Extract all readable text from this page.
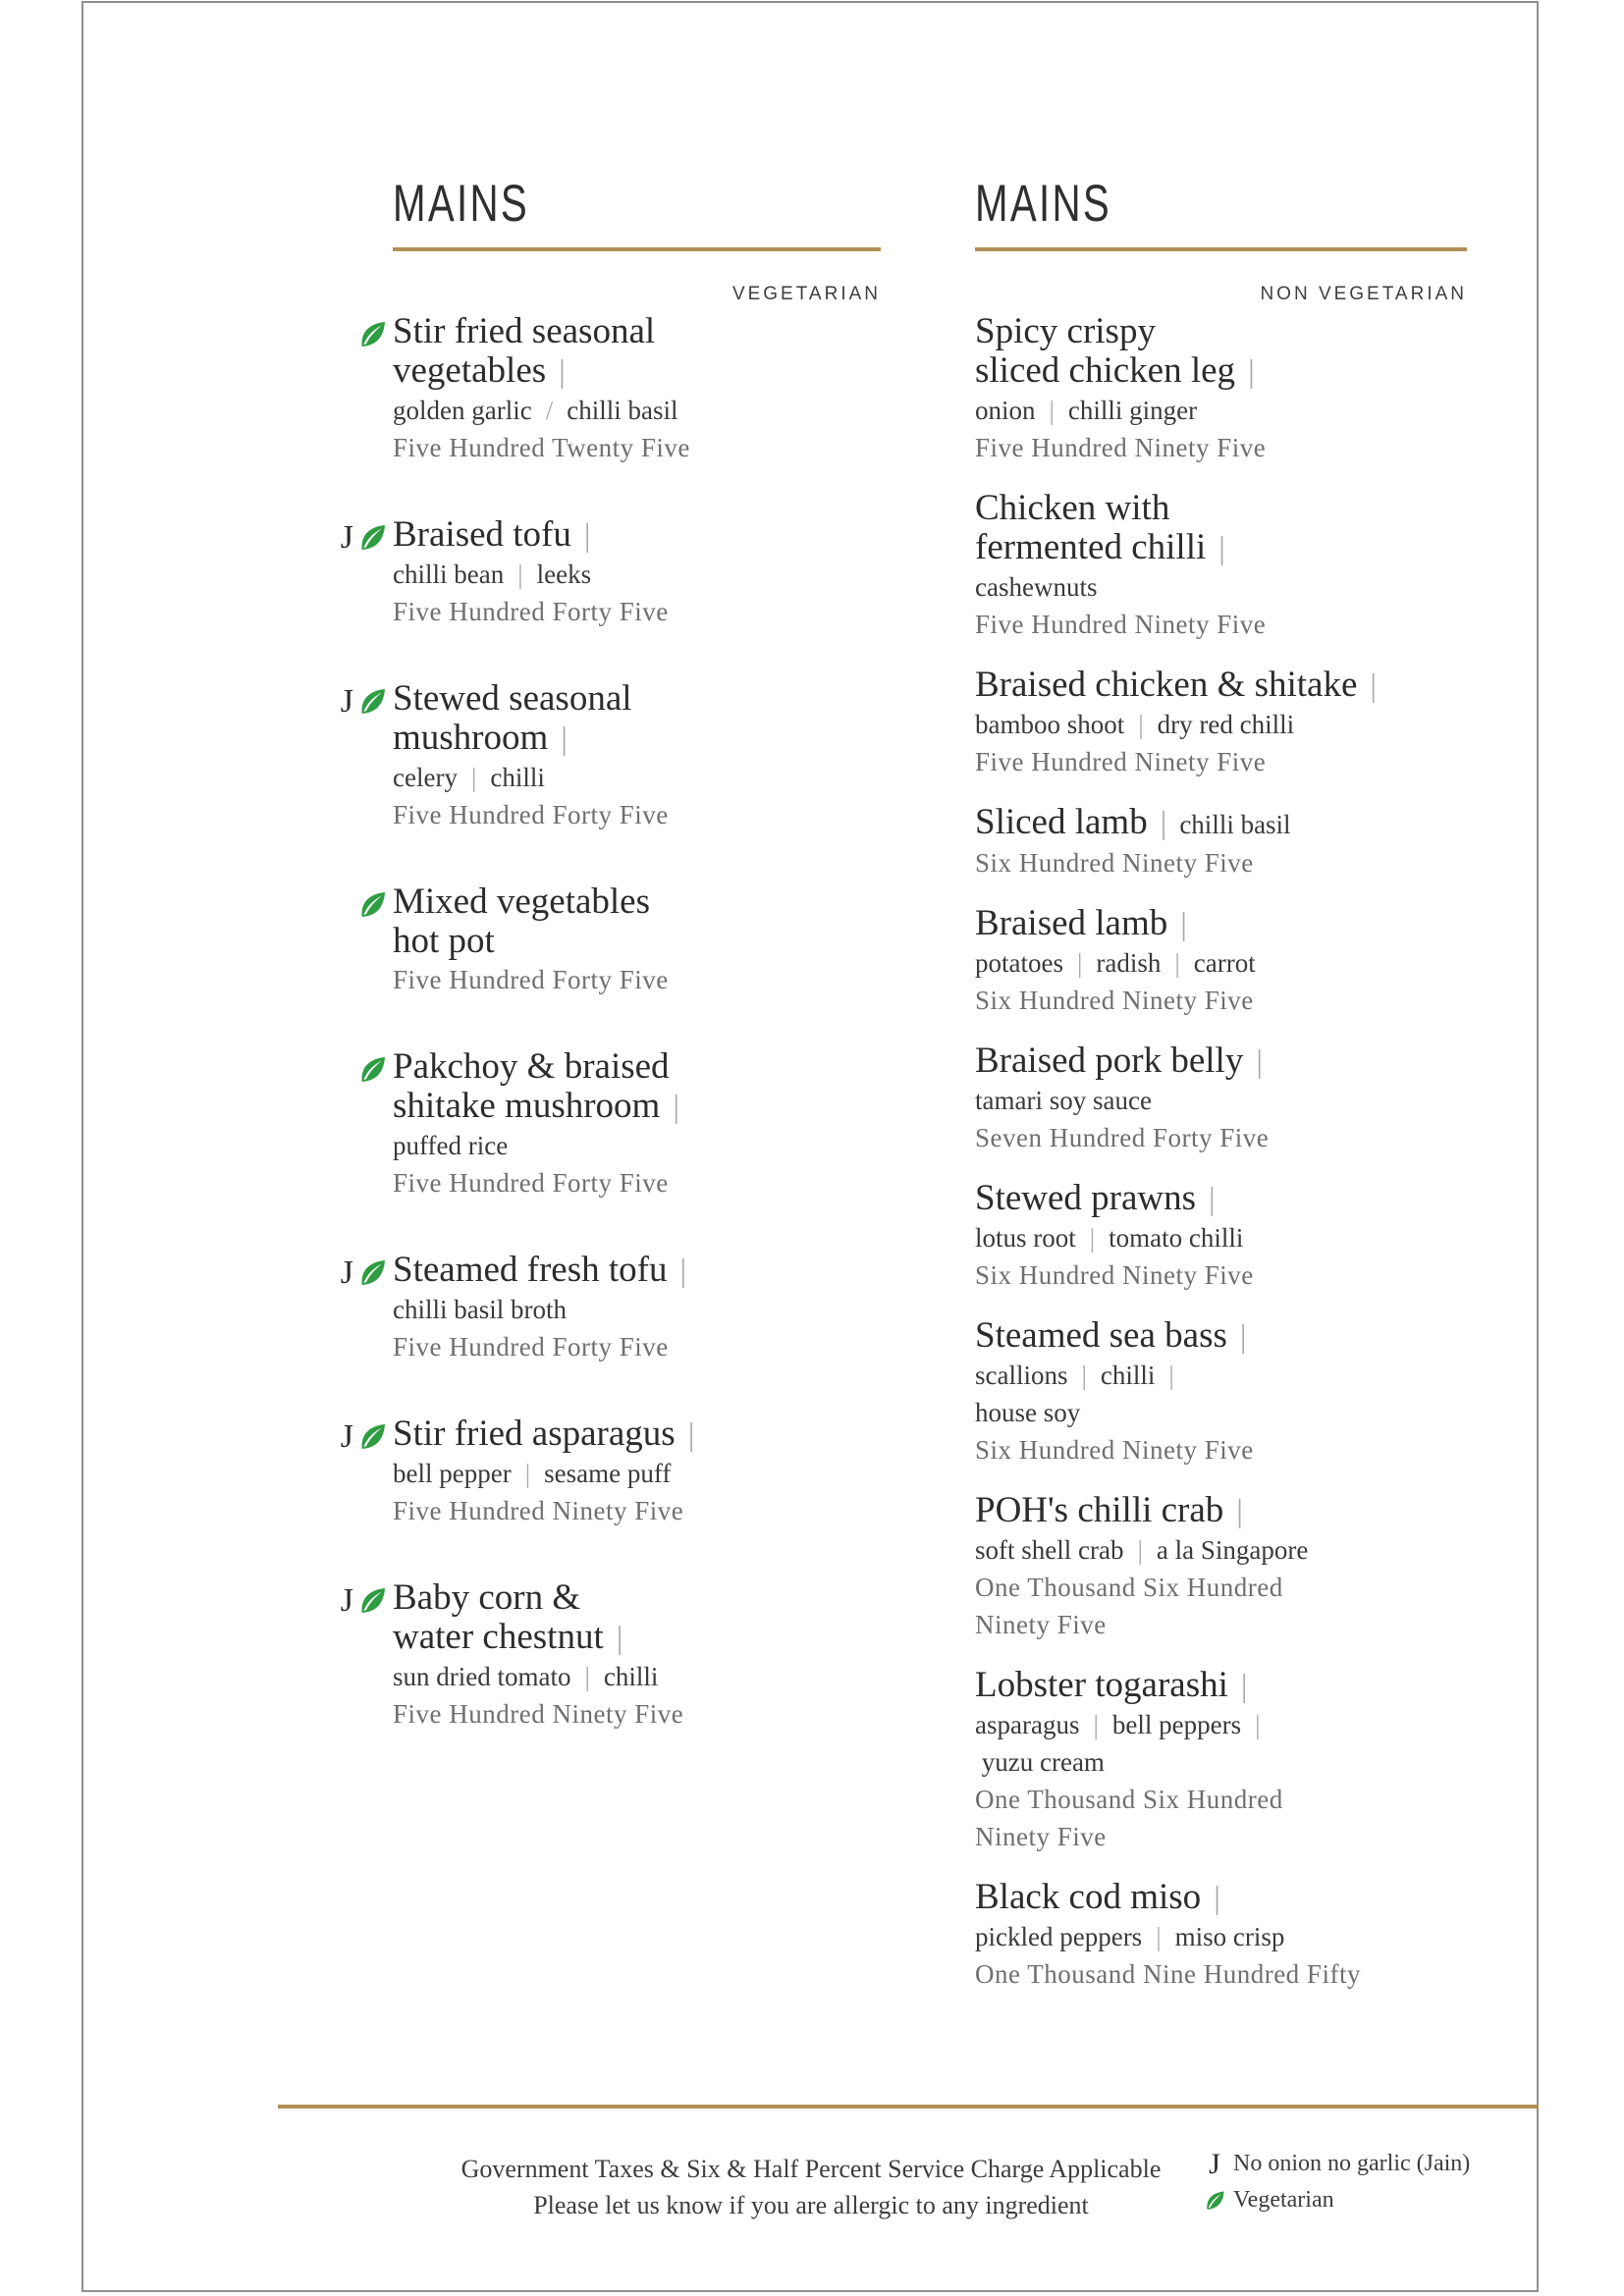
MAINS
VEGETARIAN
Stir fried seasonal
vegetables |
golden garlic / chilli basil
Five Hundred Twenty Five
J Braised tofu |
chilli bean | leeks
Five Hundred Forty Five
J Stewed seasonal
mushroom |
celery | chilli
Five Hundred Forty Five
Mixed vegetables
hot pot
Five Hundred Forty Five
Pakchoy & braised
shitake mushroom |
puffed rice
Five Hundred Forty Five
J Steamed fresh tofu |
chilli basil broth
Five Hundred Forty Five
J Stir fried asparagus |
bell pepper | sesame puff
Five Hundred Ninety Five
J Baby corn &
water chestnut |
sun dried tomato | chilli
Five Hundred Ninety Five
MAINS
NON VEGETARIAN
Spicy crispy
sliced chicken leg |
onion | chilli ginger
Five Hundred Ninety Five
Chicken with
fermented chilli |
cashewnuts
Five Hundred Ninety Five
Braised chicken & shitake |
bamboo shoot | dry red chilli
Five Hundred Ninety Five
Sliced lamb | chilli basil
Six Hundred Ninety Five
Braised lamb |
potatoes | radish | carrot
Six Hundred Ninety Five
Braised pork belly |
tamari soy sauce
Seven Hundred Forty Five
Stewed prawns |
lotus root | tomato chilli
Six Hundred Ninety Five
Steamed sea bass |
scallions | chilli |
house soy
Six Hundred Ninety Five
POH's chilli crab |
soft shell crab | a la Singapore
One Thousand Six Hundred
Ninety Five
Lobster togarashi |
asparagus | bell peppers |
yuzu cream
One Thousand Six Hundred
Ninety Five
Black cod miso |
pickled peppers | miso crisp
One Thousand Nine Hundred Fifty
Government Taxes & Six & Half Percent Service Charge Applicable
Please let us know if you are allergic to any ingredient
J No onion no garlic (Jain)
Vegetarian
